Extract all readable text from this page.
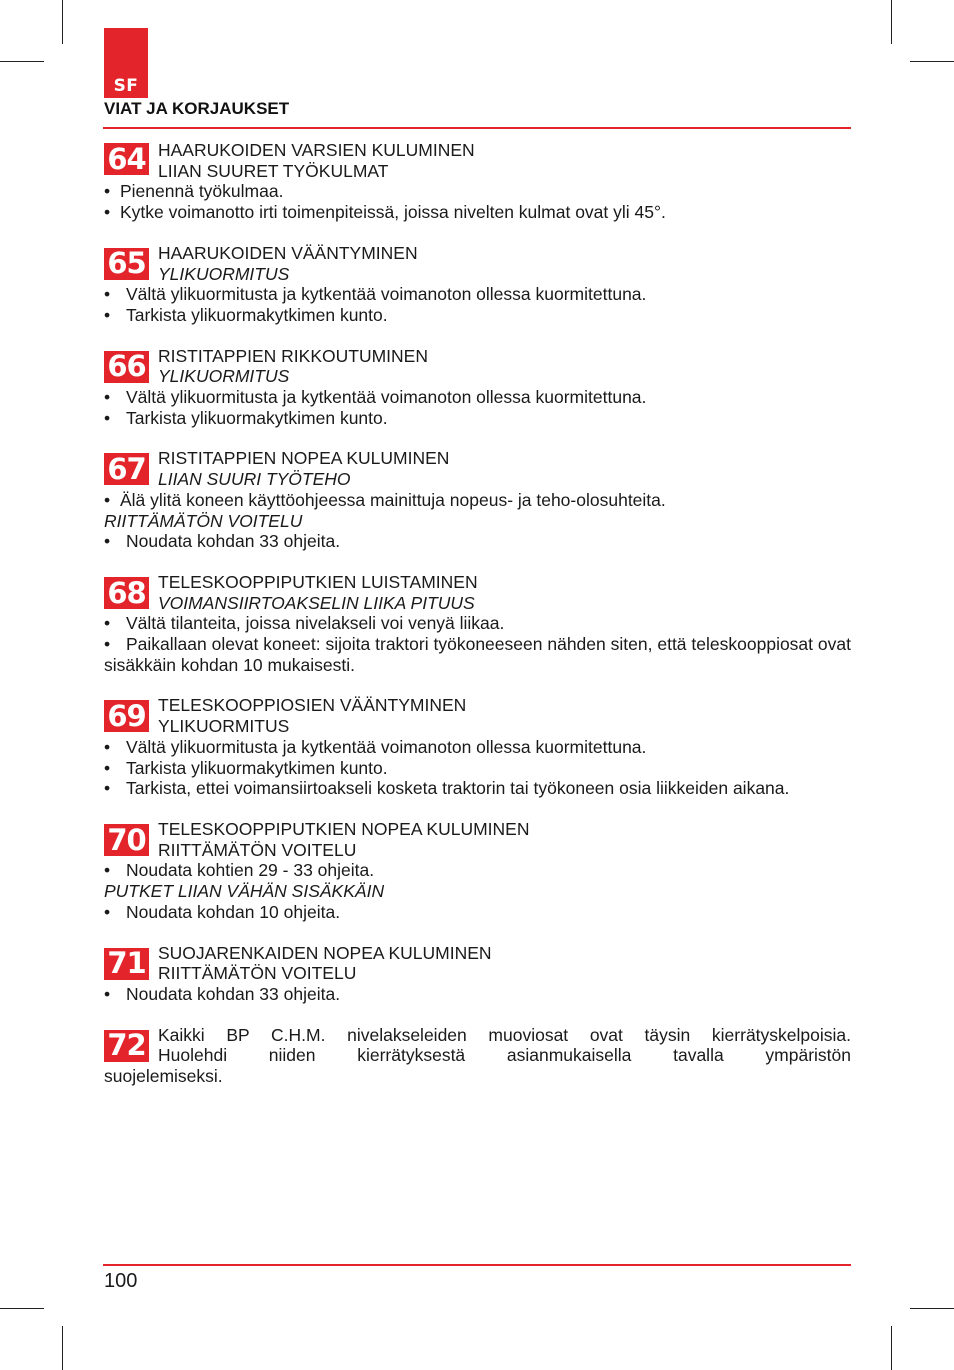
SF
VIAT JA KORJAUKSET
64 HAARUKOIDEN VARSIEN KULUMINEN
LIIAN SUURET TYÖKULMAT
• Pienennä työkulmaa.
• Kytke voimanotto irti toimenpiteissä, joissa nivelten kulmat ovat yli 45°.
65 HAARUKOIDEN VÄÄNTYMINEN
YLIKUORMITUS
• Vältä ylikuormitusta ja kytkentää voimanoton ollessa kuormitettuna.
• Tarkista ylikuormakytkimen kunto.
66 RISTITAPPIEN RIKKOUTUMINEN
YLIKUORMITUS
• Vältä ylikuormitusta ja kytkentää voimanoton ollessa kuormitettuna.
• Tarkista ylikuormakytkimen kunto.
67 RISTITAPPIEN NOPEA KULUMINEN
LIIAN SUURI TYÖTEHO
• Älä ylitä koneen käyttöohjeessa mainittuja nopeus- ja teho-olosuhteita.
RIITTÄMÄTÖN VOITELU
• Noudata kohdan 33 ohjeita.
68 TELESKOOPPIPUTKIEN LUISTAMINEN
VOIMANSIIRTOAKSELIN LIIKA PITUUS
• Vältä tilanteita, joissa nivelakseli voi venyä liikaa.
• Paikallaan olevat koneet: sijoita traktori työkoneeseen nähden siten, että teleskooppiosat ovat sisäkkäin kohdan 10 mukaisesti.
69 TELESKOOPPIOSIEN VÄÄNTYMINEN
YLIKUORMITUS
• Vältä ylikuormitusta ja kytkentää voimanoton ollessa kuormitettuna.
• Tarkista ylikuormakytkimen kunto.
• Tarkista, ettei voimansiirtoakseli kosketa traktorin tai työkoneen osia liikkeiden aikana.
70 TELESKOOPPIPUTKIEN NOPEA KULUMINEN
RIITTÄMÄTÖN VOITELU
• Noudata kohtien 29 - 33 ohjeita.
PUTKET LIIAN VÄHÄN SISÄKKÄIN
• Noudata kohdan 10 ohjeita.
71 SUOJARENKAIDEN NOPEA KULUMINEN
RIITTÄMÄTÖN VOITELU
• Noudata kohdan 33 ohjeita.
72 Kaikki BP C.H.M. nivelakseleiden muoviosat ovat täysin kierrätyskelpoisia.
Huolehdi niiden kierrätyksestä asianmukaisella tavalla ympäristön
suojelemiseksi.
100
